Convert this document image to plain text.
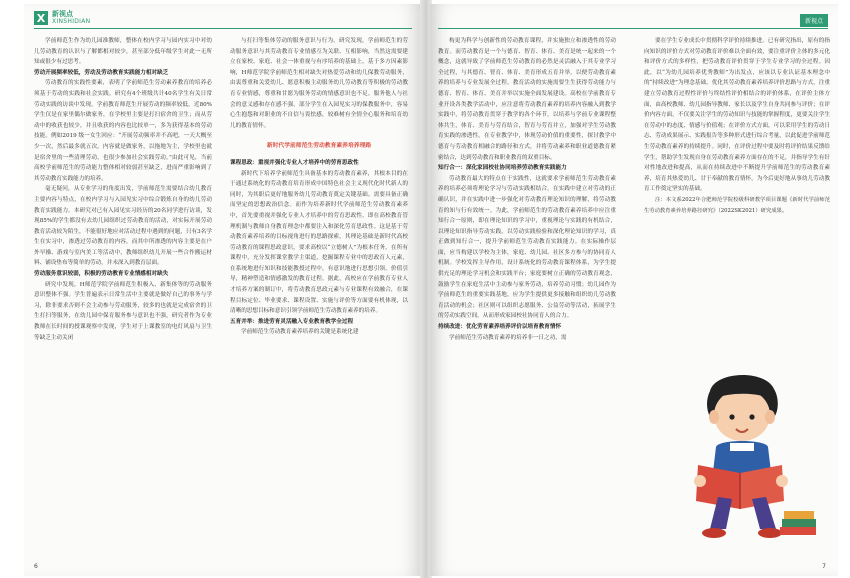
X 新视点
XINSHIDIAN

学前师范生作为幼儿园准教师，整体在校内学习与园内实习中对幼儿劳动教育的认识与了解都相对较少，甚至部分低年级学生对此一无所知或很少有过思考。

劳动开展频率较低，劳动及劳动教育实践能力相对缺乏

劳动教育的实践性要素，表明了学前师范生劳动素养教育的培养必须基于劳动的实践和社会实践。研究有4个班级共计40名学生有关日常劳动实践的访谈中发现，学前教育师范生开展劳动的频率较低，近80%学生仅是在家里偶尔做家务，在学校里主要是打扫宿舍的卫生；而从劳动中的收获也较少，并且收获的内容也比较单一，多为获得基本的劳动技能。例如2019 级一女生回应：“开展劳动频率并不高吧，一天大概至少一次，然后最多就五次。内容就是做家务，以拖地为主，学校里也就是宿舍里的一些清理劳动，也很少参加社会实践劳动。”由此可见，当前高校学前师范生的劳动能力整体相对较弱甚至缺乏，进而严重影响到了其劳动教育实践能力的培养。

毫无疑问，从专业学习的角度出发，学前师范生需要结合幼儿教育主要内容与特点，在校内学习与入园见实习中综合锻炼自身的幼儿劳动教育实践能力。本研究对已有入园见实习经历的20名同学进行访谈，发现85%的学生都没有去幼儿园组织过劳动教育的活动，对实际开展劳动教育活动较为陌生，不能很好地应对活动过程中遇到的问题，只有3名学生在实习中，渗透过劳动教育的内容，而其中所渗透的内容主要是在户外早操、游戏与室内美工等活动中，教师组织幼儿开展一些合作搬运材料、铺设垫布等简单的劳动，并未深入到教育层面。

劳动服务意识较弱，积极的劳动教育专业情感相对缺失

研究中发现，H师范学院学前师范生积极入、新集体等的劳动服务意识整体不强。学生普遍表示日常生活中主要就是做好自己的事务与学习，除非要求否则不会主动参与劳动服务，较多的也就是完成宿舍的卫生打扫等服务，在幼儿园中保育服务参与意识也不强，研究者作为专业教师在长时间的授课观察中发现，学生对于上课教室的电灯风扇与卫生等缺乏主动关闭

与打扫等集体劳动的服务意识与行为。研究发现，学前师范生的劳动服务意识与其劳动教育专业情感互为关联、互相影响，当然这需要建立在家校、家庭、社会一体重视与有序培养的基础上。基于多方因素影响，H师范学院学前师范生相对缺失对热爱劳动和幼儿保教劳动服务，由衷尊重和关爱幼儿、愿意积极主动服务幼儿劳动教育等积极的劳动教育专业情感，尊重和甘愿为服务劳动的情感意识也不足。服务他人与社会的意义感和存在感不强。部分学生在入园见实习的保教服务中，容易心生抱怨和对职业的不自信与畏怯感，较难树有全情全心服务和培育幼儿的教育情怀。

新时代学前师范生劳动教育素养培养理路

课程思政：重视并强化专业人才培养中的劳育思政性

新时代下培养学前师范生具备基本的劳动教育素养，其根本目的在于通过系统化的劳动教育培育形成中国特色社会主义现代化时代新人的同时，为其职后更好地服务幼儿劳动教育奠定关键基础。需要具备正确而坚定的思想政治信念。而作为培养新时代学前师范生劳动教育素养中，首先要重视并强化专业人才培养中的劳育思政性，即在高校教育管理机制与教师自身教育理念中都要注入和深化劳育思政性。这是基于劳动教育素养培养的目标视角进行的思路探索，其理论基础是新时代高校劳动教育的课程思政意识，要求高校以“立德树人”为根本任务，在所有课程中，充分发挥课堂教学主渠道，挖掘课程专业中的思政育人元素，在系统地进行知识和技能教授过程中，有意识地进行思想引领、价值引导，精神塑造和情感激发的教育过程。据此，高校应在学前教育专业人才培养方案的制订中，将劳动教育思政元素与专业课程有效融合，在课程目标定位、毕业要求、课程设置、实施与评价等方面要有机体现，以清晰的思想目标和意识引领学前师范生劳动教育素养的培养。

五育并举：推进劳育灵活融入专业教育教学全过程

学前师范生劳动教育素养培养的关键是系统化建

6
新视点

构更为科学与创新性的劳动教育课程，并实施独立和渗透性的劳动教育。而劳动教育是一个与德育、智育、体育、美育是统一起来的一个概念，这就导致了学前师范生劳动教育的必然是灵活融入于其专业学习全过程，与其德育、智育、体育、美育形成五育并举，以便劳动教育素养的培养与专业发展全过程。教育活动的实施需要生生获得劳动能力与德育、智育、体育、美育并举以实施全面发展建设。高校在学前教育专业开设各类教学活动中，应注意将劳动教育素养的培养内容融入到教学实践中，将劳动教育贯穿于教学的各个环节，以培养与学前专业课程整体共生，体育、美育与劳育结合，智育与劳育并立，加强对学生劳动教育实践的渗透性。在专业教学中，体现劳动价值的重要性，探讨教学中德育与劳动教育相融合的路径和方式，并将劳动素养和职业道德教育紧密结合，达到劳动教育和职业教育的双重目标。

知行合一：深化家园校社协同培养劳动教育实践能力

劳动教育最大的特点在于实践性，这就要求学前师范生劳动教育素养的培养必须将理论学习与劳动实践相结合，在实践中建立对劳动的正确认识，并在实践中进一步强化对劳动教育理论知识的理解，将劳动教育的知与行有效统一。为此，学前师范生的劳动教育素养培养中应注重知行合一原则，即在理论知识的学习中，重视理论与实践的有机结合，以理论知识指导劳动实践，以劳动实践检验和深化理论知识的学习，真正做到知行合一，提升学前师范生劳动教育实践能力。在实际操作层面，应当构建以学校为主体，家庭、幼儿园、社区多方参与的协同育人机制。学校发挥主导作用，设计系统化的劳动教育课程体系，为学生提供充足的理论学习机会和实践平台；家庭要树立正确的劳动教育观念，鼓励学生在家庭生活中主动参与家务劳动，培养劳动习惯；幼儿园作为学前师范生的重要实践基地，应为学生提供更多接触和组织幼儿劳动教育活动的机会；社区则可以组织志愿服务、公益劳动等活动，拓展学生的劳动实践空间，从而形成家园校社协同育人的合力。

持续改进：优化劳育素养培养评价以培育教育情怀

学前师范生劳动教育素养的培养非一日之功，需

要在学生专业成长中贯彻科学评价持续推进。已有研究指出，原有的指向知识的评价方式对劳动教育评价难以全面有效，要注重评价主体的多元化和评价方式的多样性，把劳动教育评价贯穿于学生专业学习的全过程。因此，以“为幼儿园培养优秀教师”为出发点，应该以专业认证基本理念中的“持续改进”为理念基础，优化其劳动教育素养培养评价思路与方式，注重建立劳动教育过程性评价与终结性评价相结合的评价体系，在评价主体方面，由高校教师、幼儿园指导教师、家长以及学生自身共同参与评价；在评价内容方面，不仅要关注学生的劳动知识与技能的掌握程度，更要关注学生在劳动中的态度、情感与价值观；在评价方式方面，可以采用学生的劳动日志、劳动成果展示、实践报告等多种形式进行综合考量，以此促进学前师范生劳动教育素养的持续提升。同时，在评价过程中要及时将评价结果反馈给学生，帮助学生发现自身在劳动教育素养方面存在的不足，并指导学生有针对性地改进和提高，从而在持续改进中不断提升学前师范生的劳动教育素养，培育其热爱幼儿、甘于奉献的教育情怀，为今后更好地从事幼儿劳动教育工作奠定坚实的基础。

注：本文系2022年合肥师范学院校级科研教学项目课题《新时代学前师范生劳动教育素养培养路径研究》（2022SK2021）研究成果。

7
